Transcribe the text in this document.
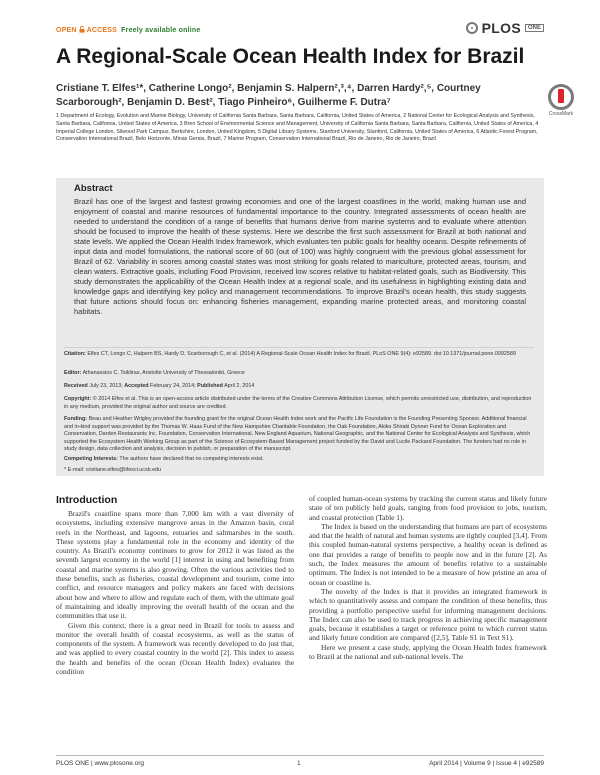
OPEN ACCESS Freely available online	PLOS	ONE
A Regional-Scale Ocean Health Index for Brazil
Cristiane T. Elfes¹*, Catherine Longo², Benjamin S. Halpern²,³,⁴, Darren Hardy²,⁵, Courtney Scarborough², Benjamin D. Best², Tiago Pinheiro⁶, Guilherme F. Dutra⁷
1 Department of Ecology, Evolution and Marine Biology, University of California Santa Barbara, Santa Barbara, California, United States of America, 2 National Center for Ecological Analysis and Synthesis, Santa Barbara, California, United States of America, 3 Bren School of Environmental Science and Management, University of California Santa Barbara, Santa Barbara, California, United States of America, 4 Imperial College London, Silwood Park Campus, Berkshire, London, United Kingdom, 5 Digital Library Systems, Stanford University, Stanford, California, United States of America, 6 Atlantic Forest Program, Conservation International Brazil, Belo Horizonte, Minas Gerais, Brazil, 7 Marine Program, Conservation International Brazil, Rio de Janeiro, Rio de Janeiro, Brazil
CrossMark
Abstract
Brazil has one of the largest and fastest growing economies and one of the largest coastlines in the world, making human use and enjoyment of coastal and marine resources of fundamental importance to the country. Integrated assessments of ocean health are needed to understand the condition of a range of benefits that humans derive from marine systems and to evaluate where attention should be focused to improve the health of these systems. Here we describe the first such assessment for Brazil at both national and state levels. We applied the Ocean Health Index framework, which evaluates ten public goals for healthy oceans. Despite refinements of input data and model formulations, the national score of 60 (out of 100) was highly congruent with the previous global assessment for Brazil of 62. Variability in scores among coastal states was most striking for goals related to mariculture, protected areas, tourism, and clean waters. Extractive goals, including Food Provision, received low scores relative to habitat-related goals, such as Biodiversity. This study demonstrates the applicability of the Ocean Health Index at a regional scale, and its usefulness in highlighting existing data and knowledge gaps and identifying key policy and management recommendations. To improve Brazil's ocean health, this study suggests that future actions should focus on: enhancing fisheries management, expanding marine protected areas, and monitoring coastal habitats.
Citation: Elfes CT, Longo C, Halpern BS, Hardy D, Scarborough C, et al. (2014) A Regional-Scale Ocean Health Index for Brazil. PLoS ONE 9(4): e92589. doi:10.1371/journal.pone.0092589
Editor: Athanassios C. Tsikliras, Aristotle University of Thessaloniki, Greece
Received July 23, 2013; Accepted February 24, 2014; Published April 2, 2014
Copyright: © 2014 Elfes et al. This is an open-access article distributed under the terms of the Creative Commons Attribution License, which permits unrestricted use, distribution, and reproduction in any medium, provided the original author and source are credited.
Funding: Beau and Heather Wrigley provided the founding grant for the original Ocean Health Index work and the Pacific Life Foundation is the Founding Presenting Sponsor. Additional financial and in-kind support was provided by the Thomas W. Haas Fund of the New Hampshire Charitable Foundation, the Oak Foundation, Akiko Shiraki Dynner Fund for Ocean Exploration and Conservation, Darden Restaurants Inc. Foundation, Conservation International, New England Aquarium, National Geographic, and the National Center for Ecological Analysis and Synthesis, which supported the Ecosystem Health Working Group as part of the Science of Ecosystem-Based Management project funded by the David and Lucile Packard Foundation. The funders had no role in study design, data collection and analysis, decision to publish, or preparation of the manuscript.
Competing Interests: The authors have declared that no competing interests exist.
* E-mail: cristiane.elfes@lifesci.ucsb.edu
Introduction

Brazil's coastline spans more than 7,000 km with a vast diversity of ecosystems, including extensive mangrove areas in the Amazon basin, coral reefs in the Northeast, and lagoons, estuaries and saltmarshes in the south. These systems play a fundamental role in the economy and identity of the country. As Brazil's economy continues to grow for 2012 it was listed as the seventh largest economy in the world [1] interest in using and benefiting from coastal and marine systems is also growing. Often the various activities tied to these benefits, such as fisheries, coastal development and tourism, come into conflict, and resource managers and policy makers are faced with decisions about how and where to allow and regulate each of them, with the ultimate goal of maintaining and ideally improving the overall health of the ocean and the communities that use it.

Given this context, there is a great need in Brazil for tools to assess and monitor the overall health of coastal ecosystems, as well as the status of components of the system. A framework was recently developed to do just that, and was applied to every coastal country in the world [2]. This index to assess the health and benefits of the ocean (Ocean Health Index) evaluates the condition

of coupled human-ocean systems by tracking the current status and likely future state of ten publicly held goals, ranging from food provision to jobs, tourism, and coastal protection (Table 1).

The Index is based on the understanding that humans are part of ecosystems and that the health of natural and human systems are tightly coupled [3,4]. From this coupled human-natural systems perspective, a healthy ocean is defined as one that provides a range of benefits to people now and in the future [2]. As such, the Index measures the amount of benefits relative to a sustainable optimum. The Index is not intended to be a measure of how pristine an area of ocean or coastline is.

The novelty of the Index is that it provides an integrated framework in which to quantitatively assess and compare the condition of these benefits, thus providing a portfolio perspective useful for informing management decisions. The Index can also be used to track progress in achieving specific management goals, because it establishes a target or reference point to which current status and likely future condition are compared ([2,5], Table S1 in Text S1).

Here we present a case study, applying the Ocean Health Index framework to Brazil at the national and sub-national levels. The

PLOS ONE | www.plosone.org	1	April 2014 | Volume 9 | Issue 4 | e92589
